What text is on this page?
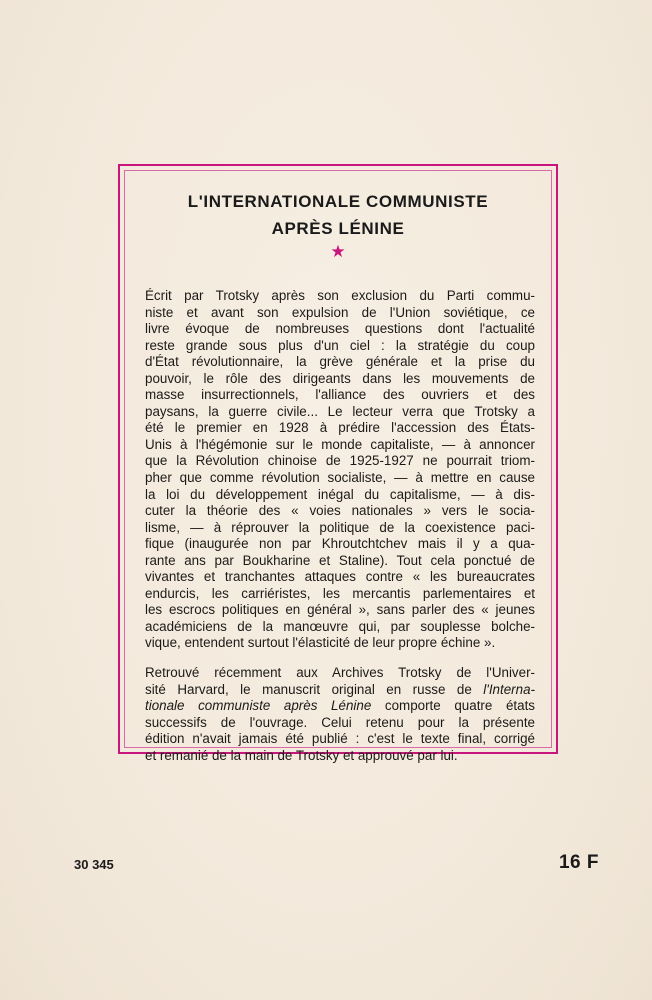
L'INTERNATIONALE COMMUNISTE
APRÈS LÉNINE
★
Écrit par Trotsky après son exclusion du Parti commu-
niste et avant son expulsion de l'Union soviétique, ce
livre évoque de nombreuses questions dont l'actualité
reste grande sous plus d'un ciel : la stratégie du coup
d'État révolutionnaire, la grève générale et la prise du
pouvoir, le rôle des dirigeants dans les mouvements de
masse insurrectionnels, l'alliance des ouvriers et des
paysans, la guerre civile... Le lecteur verra que Trotsky a
été le premier en 1928 à prédire l'accession des États-
Unis à l'hégémonie sur le monde capitaliste, — à annoncer
que la Révolution chinoise de 1925-1927 ne pourrait triom-
pher que comme révolution socialiste, — à mettre en cause
la loi du développement inégal du capitalisme, — à dis-
cuter la théorie des « voies nationales » vers le socia-
lisme, — à réprouver la politique de la coexistence paci-
fique (inaugurée non par Khroutchtchev mais il y a qua-
rante ans par Boukharine et Staline). Tout cela ponctué de
vivantes et tranchantes attaques contre « les bureaucrates
endurcis, les carriéristes, les mercantis parlementaires et
les escrocs politiques en général », sans parler des « jeunes
académiciens de la manœuvre qui, par souplesse bolche-
vique, entendent surtout l'élasticité de leur propre échine ».
Retrouvé récemment aux Archives Trotsky de l'Univer-
sité Harvard, le manuscrit original en russe de l'Interna-
tionale communiste après Lénine comporte quatre états
successifs de l'ouvrage. Celui retenu pour la présente
édition n'avait jamais été publié : c'est le texte final, corrigé
et remanié de la main de Trotsky et approuvé par lui.
30 345	16 F
